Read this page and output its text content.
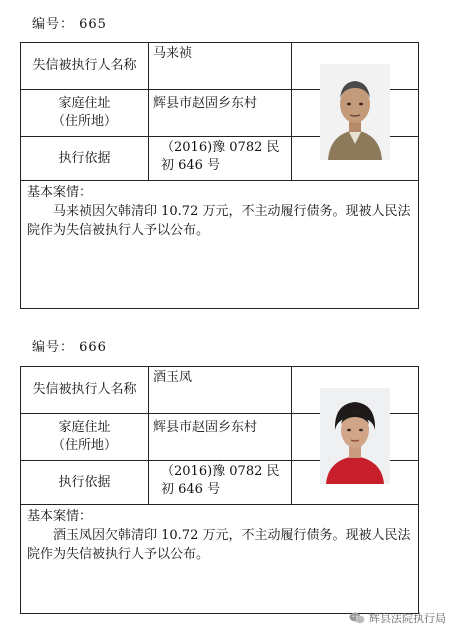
编号： 665
失信被执行人名称
马来祯
家庭住址
（住所地）
辉县市赵固乡东村
执行依据
（2016)豫 0782 民初 646 号
基本案情：
马来祯因欠韩清印 10.72 万元，不主动履行债务。现被人民法院作为失信被执行人予以公布。
编号： 666
失信被执行人名称
酒玉凤
家庭住址
（住所地）
辉县市赵固乡东村
执行依据
（2016)豫 0782 民初 646 号
基本案情：
酒玉凤因欠韩清印 10.72 万元，不主动履行债务。现被人民法院作为失信被执行人予以公布。
辉县法院执行局
